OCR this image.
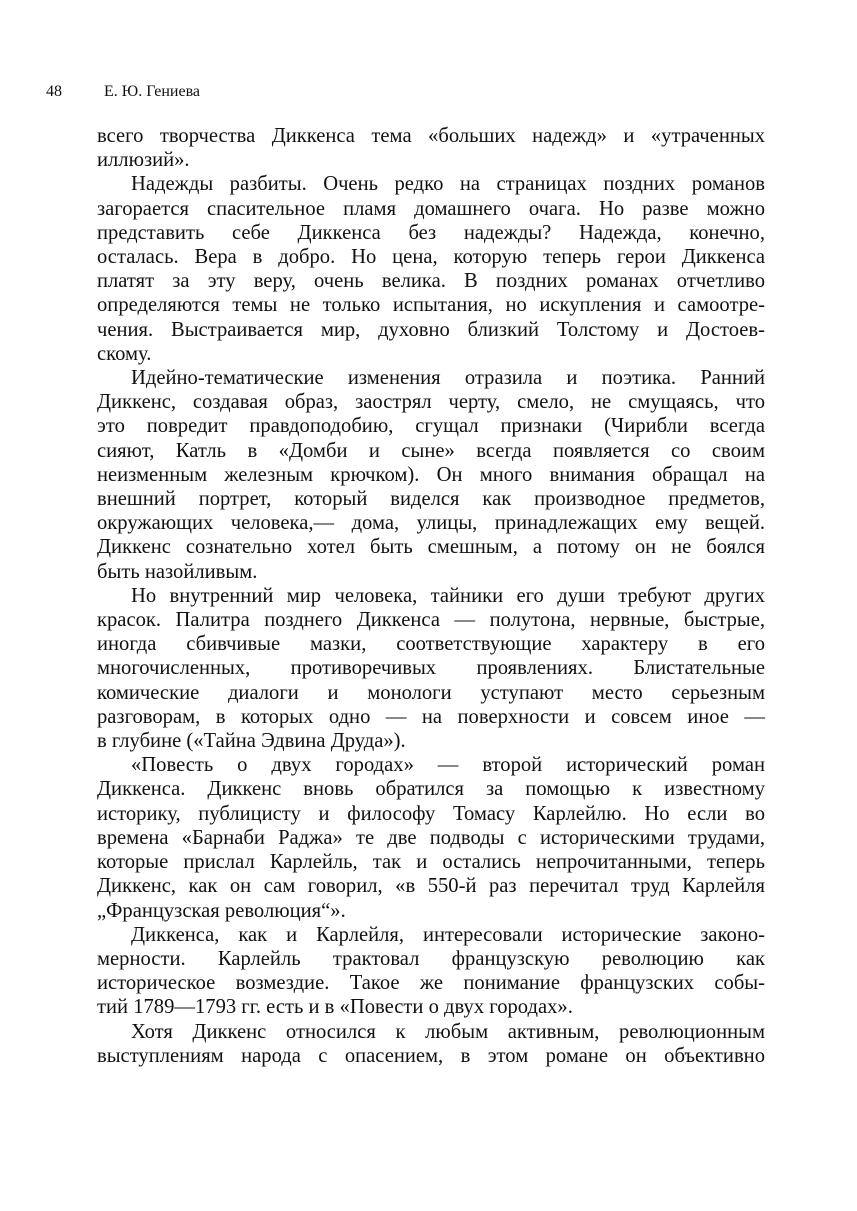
48	Е. Ю. Гениева

всего творчества Диккенса тема «больших надежд» и «утраченных
иллюзий».

Надежды разбиты. Очень редко на страницах поздних романов
загорается спасительное пламя домашнего очага. Но разве можно
представить себе Диккенса без надежды? Надежда, конечно,
осталась. Вера в добро. Но цена, которую теперь герои Диккенса
платят за эту веру, очень велика. В поздних романах отчетливо
определяются темы не только испытания, но искупления и самоотре-
чения. Выстраивается мир, духовно близкий Толстому и Достоев-
скому.

Идейно-тематические изменения отразила и поэтика. Ранний
Диккенс, создавая образ, заострял черту, смело, не смущаясь, что
это повредит правдоподобию, сгущал признаки (Чирибли всегда
сияют, Катль в «Домби и сыне» всегда появляется со своим
неизменным железным крючком). Он много внимания обращал на
внешний портрет, который виделся как производное предметов,
окружающих человека,— дома, улицы, принадлежащих ему вещей.
Диккенс сознательно хотел быть смешным, а потому он не боялся
быть назойливым.

Но внутренний мир человека, тайники его души требуют других
красок. Палитра позднего Диккенса — полутона, нервные, быстрые,
иногда сбивчивые мазки, соответствующие характеру в его
многочисленных, противоречивых проявлениях. Блистательные
комические диалоги и монологи уступают место серьезным
разговорам, в которых одно — на поверхности и совсем иное —
в глубине («Тайна Эдвина Друда»).

«Повесть о двух городах» — второй исторический роман
Диккенса. Диккенс вновь обратился за помощью к известному
историку, публицисту и философу Томасу Карлейлю. Но если во
времена «Барнаби Раджа» те две подводы с историческими трудами,
которые прислал Карлейль, так и остались непрочитанными, теперь
Диккенс, как он сам говорил, «в 550-й раз перечитал труд Карлейля
„Французская революция“».

Диккенса, как и Карлейля, интересовали исторические законо-
мерности. Карлейль трактовал французскую революцию как
историческое возмездие. Такое же понимание французских собы-
тий 1789—1793 гг. есть и в «Повести о двух городах».

Хотя Диккенс относился к любым активным, революционным
выступлениям народа с опасением, в этом романе он объективно
